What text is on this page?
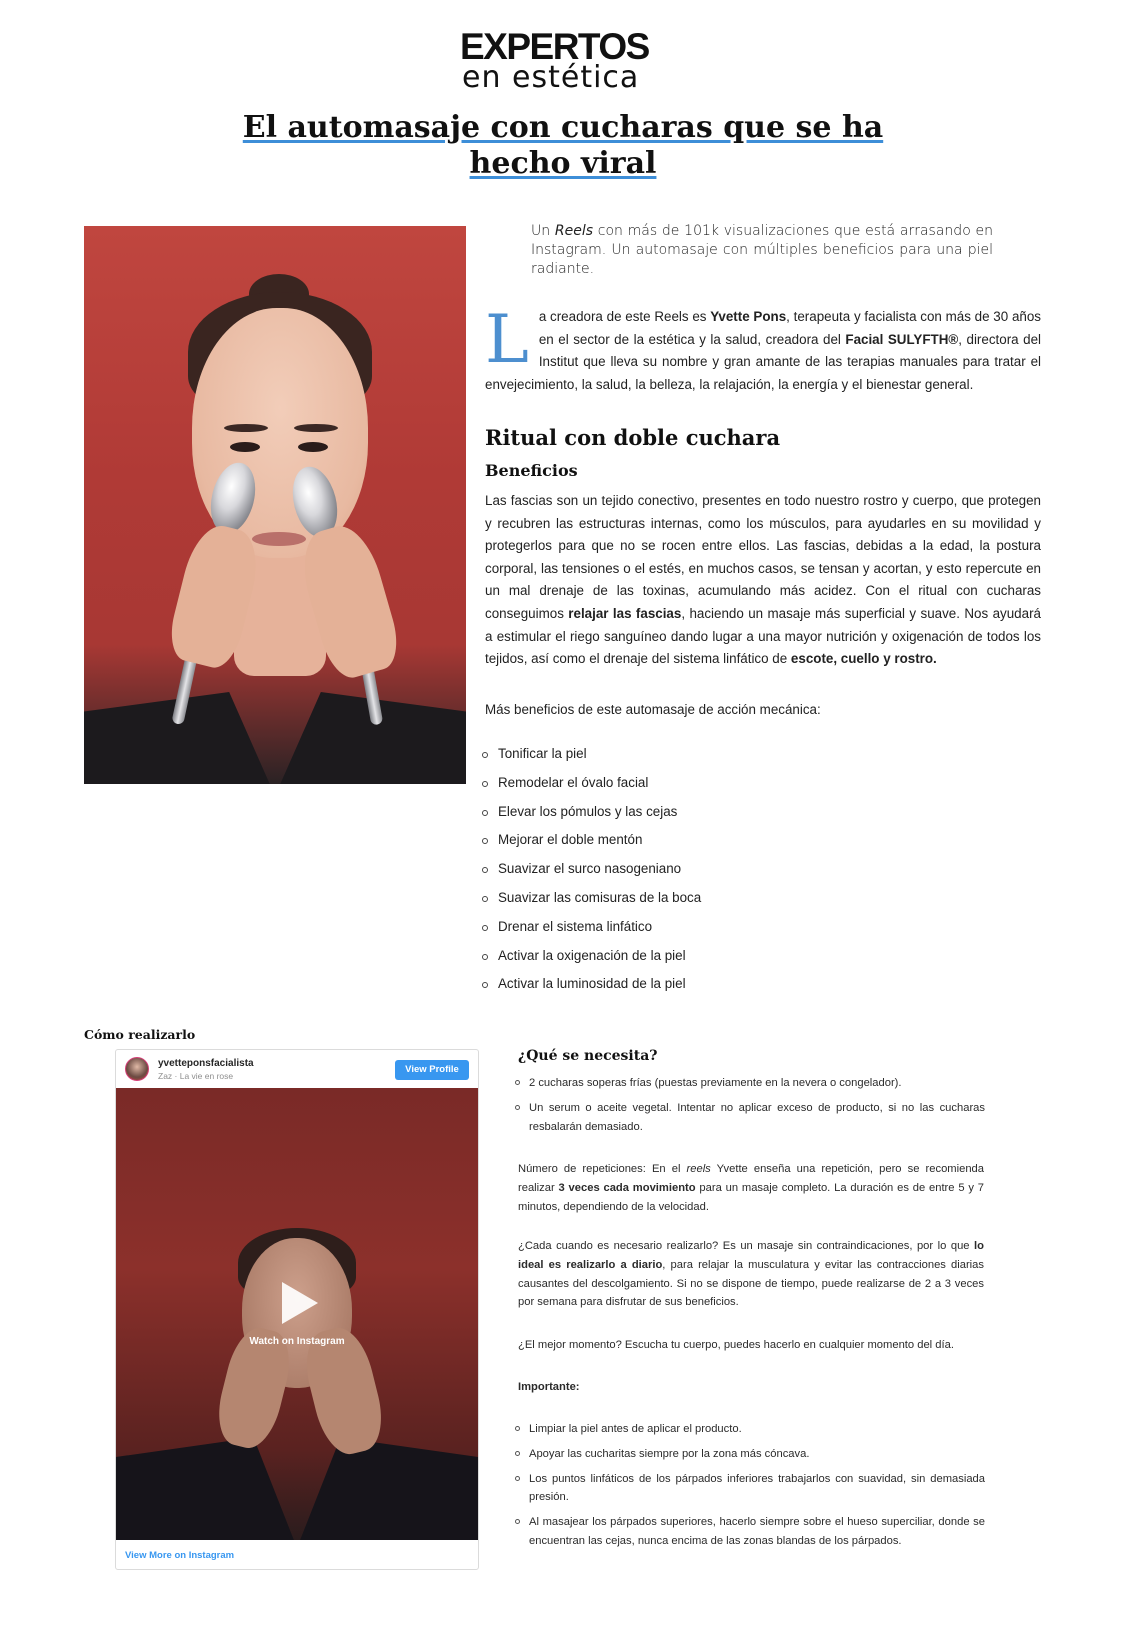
EXPERTOS
en estética
El automasaje con cucharas que se ha hecho viral

Un Reels con más de 101k visualizaciones que está arrasando en Instagram. Un automasaje con múltiples beneficios para una piel radiante.

La creadora de este Reels es Yvette Pons, terapeuta y facialista con más de 30 años en el sector de la estética y la salud, creadora del Facial SULYFTH®, directora del Institut que lleva su nombre y gran amante de las terapias manuales para tratar el envejecimiento, la salud, la belleza, la relajación, la energía y el bienestar general.

Ritual con doble cuchara
Beneficios

Las fascias son un tejido conectivo, presentes en todo nuestro rostro y cuerpo, que protegen y recubren las estructuras internas, como los músculos, para ayudarles en su movilidad y protegerlos para que no se rocen entre ellos. Las fascias, debidas a la edad, la postura corporal, las tensiones o el estés, en muchos casos, se tensan y acortan, y esto repercute en un mal drenaje de las toxinas, acumulando más acidez. Con el ritual con cucharas conseguimos relajar las fascias, haciendo un masaje más superficial y suave. Nos ayudará a estimular el riego sanguíneo dando lugar a una mayor nutrición y oxigenación de todos los tejidos, así como el drenaje del sistema linfático de escote, cuello y rostro.

Más beneficios de este automasaje de acción mecánica:

Tonificar la piel
Remodelar el óvalo facial
Elevar los pómulos y las cejas
Mejorar el doble mentón
Suavizar el surco nasogeniano
Suavizar las comisuras de la boca
Drenar el sistema linfático
Activar la oxigenación de la piel
Activar la luminosidad de la piel
Cómo realizarlo
yvetteponsfacialista
Zaz · La vie en rose
View Profile
Watch on Instagram
View More on Instagram
¿Qué se necesita?
2 cucharas soperas frías (puestas previamente en la nevera o congelador).
Un serum o aceite vegetal. Intentar no aplicar exceso de producto, si no las cucharas resbalarán demasiado.

Número de repeticiones: En el reels Yvette enseña una repetición, pero se recomienda realizar 3 veces cada movimiento para un masaje completo. La duración es de entre 5 y 7 minutos, dependiendo de la velocidad.

¿Cada cuando es necesario realizarlo? Es un masaje sin contraindicaciones, por lo que lo ideal es realizarlo a diario, para relajar la musculatura y evitar las contracciones diarias causantes del descolgamiento. Si no se dispone de tiempo, puede realizarse de 2 a 3 veces por semana para disfrutar de sus beneficios.

¿El mejor momento? Escucha tu cuerpo, puedes hacerlo en cualquier momento del día.

Importante:

Limpiar la piel antes de aplicar el producto.
Apoyar las cucharitas siempre por la zona más cóncava.
Los puntos linfáticos de los párpados inferiores trabajarlos con suavidad, sin demasiada presión.
Al masajear los párpados superiores, hacerlo siempre sobre el hueso superciliar, donde se encuentran las cejas, nunca encima de las zonas blandas de los párpados.
